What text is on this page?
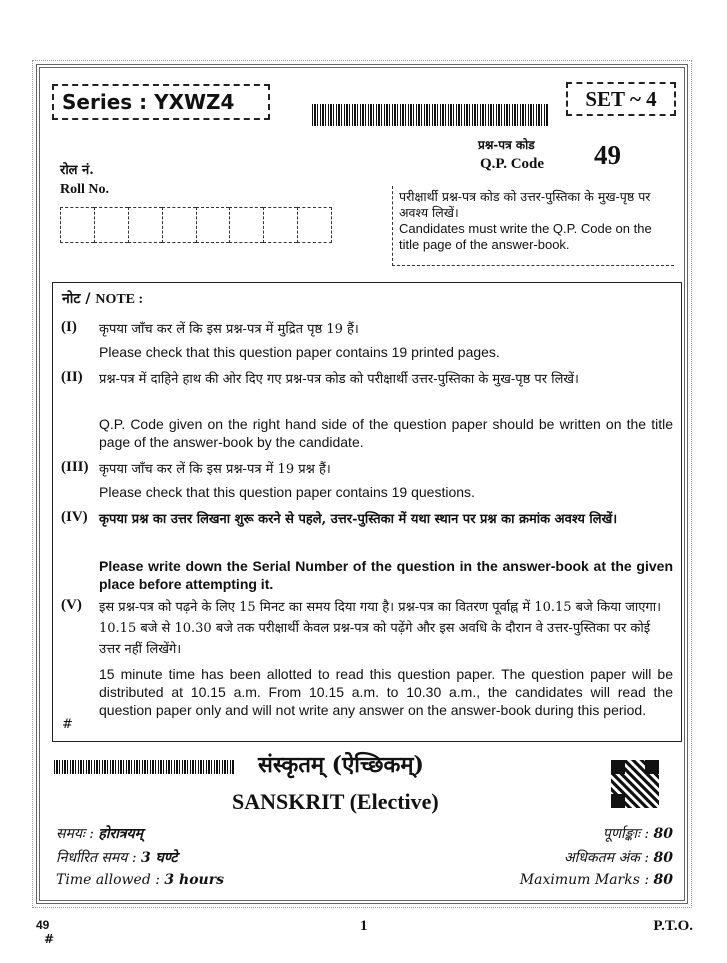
Series : YXWZ4	SET ~ 4
प्रश्न-पत्र कोड
Q.P. Code 49
रोल नं.
Roll No.	परीक्षार्थी प्रश्न-पत्र कोड को उत्तर-पुस्तिका के मुख-पृष्ठ पर अवश्य लिखें।
Candidates must write the Q.P. Code on the title page of the answer-book.
(I) कृपया जाँच कर लें कि इस प्रश्न-पत्र में मुद्रित पृष्ठ 19 हैं।
Please check that this question paper contains 19 printed pages.
(II) प्रश्न-पत्र में दाहिने हाथ की ओर दिए गए प्रश्न-पत्र कोड को परीक्षार्थी उत्तर-पुस्तिका के मुख-पृष्ठ पर लिखें।
Q.P. Code given on the right hand side of the question paper should be written on the title page of the answer-book by the candidate.
(III) कृपया जाँच कर लें कि इस प्रश्न-पत्र में 19 प्रश्न हैं।
Please check that this question paper contains 19 questions.
(IV) कृपया प्रश्न का उत्तर लिखना शुरू करने से पहले, उत्तर-पुस्तिका में यथा स्थान पर प्रश्न का क्रमांक अवश्य लिखें।
Please write down the Serial Number of the question in the answer-book at the given place before attempting it.
(V) इस प्रश्न-पत्र को पढ़ने के लिए 15 मिनट का समय दिया गया है। प्रश्न-पत्र का वितरण पूर्वाह्न में 10.15 बजे किया जाएगा। 10.15 बजे से 10.30 बजे तक परीक्षार्थी केवल प्रश्न-पत्र को पढ़ेंगे और इस अवधि के दौरान वे उत्तर-पुस्तिका पर कोई उत्तर नहीं लिखेंगे।
15 minute time has been allotted to read this question paper. The question paper will be distributed at 10.15 a.m. From 10.15 a.m. to 10.30 a.m., the candidates will read the question paper only and will not write any answer on the answer-book during this period.
नोट / NOTE :
#
संस्कृतम् (ऐच्छिकम्)
SANSKRIT (Elective)
समयः : होरात्रयम्	पूर्णाङ्काः : 80
निर्धारित समय : 3 घण्टे	अधिकतम अंक : 80
Time allowed : 3 hours	Maximum Marks : 80
49
#
1	P.T.O.
